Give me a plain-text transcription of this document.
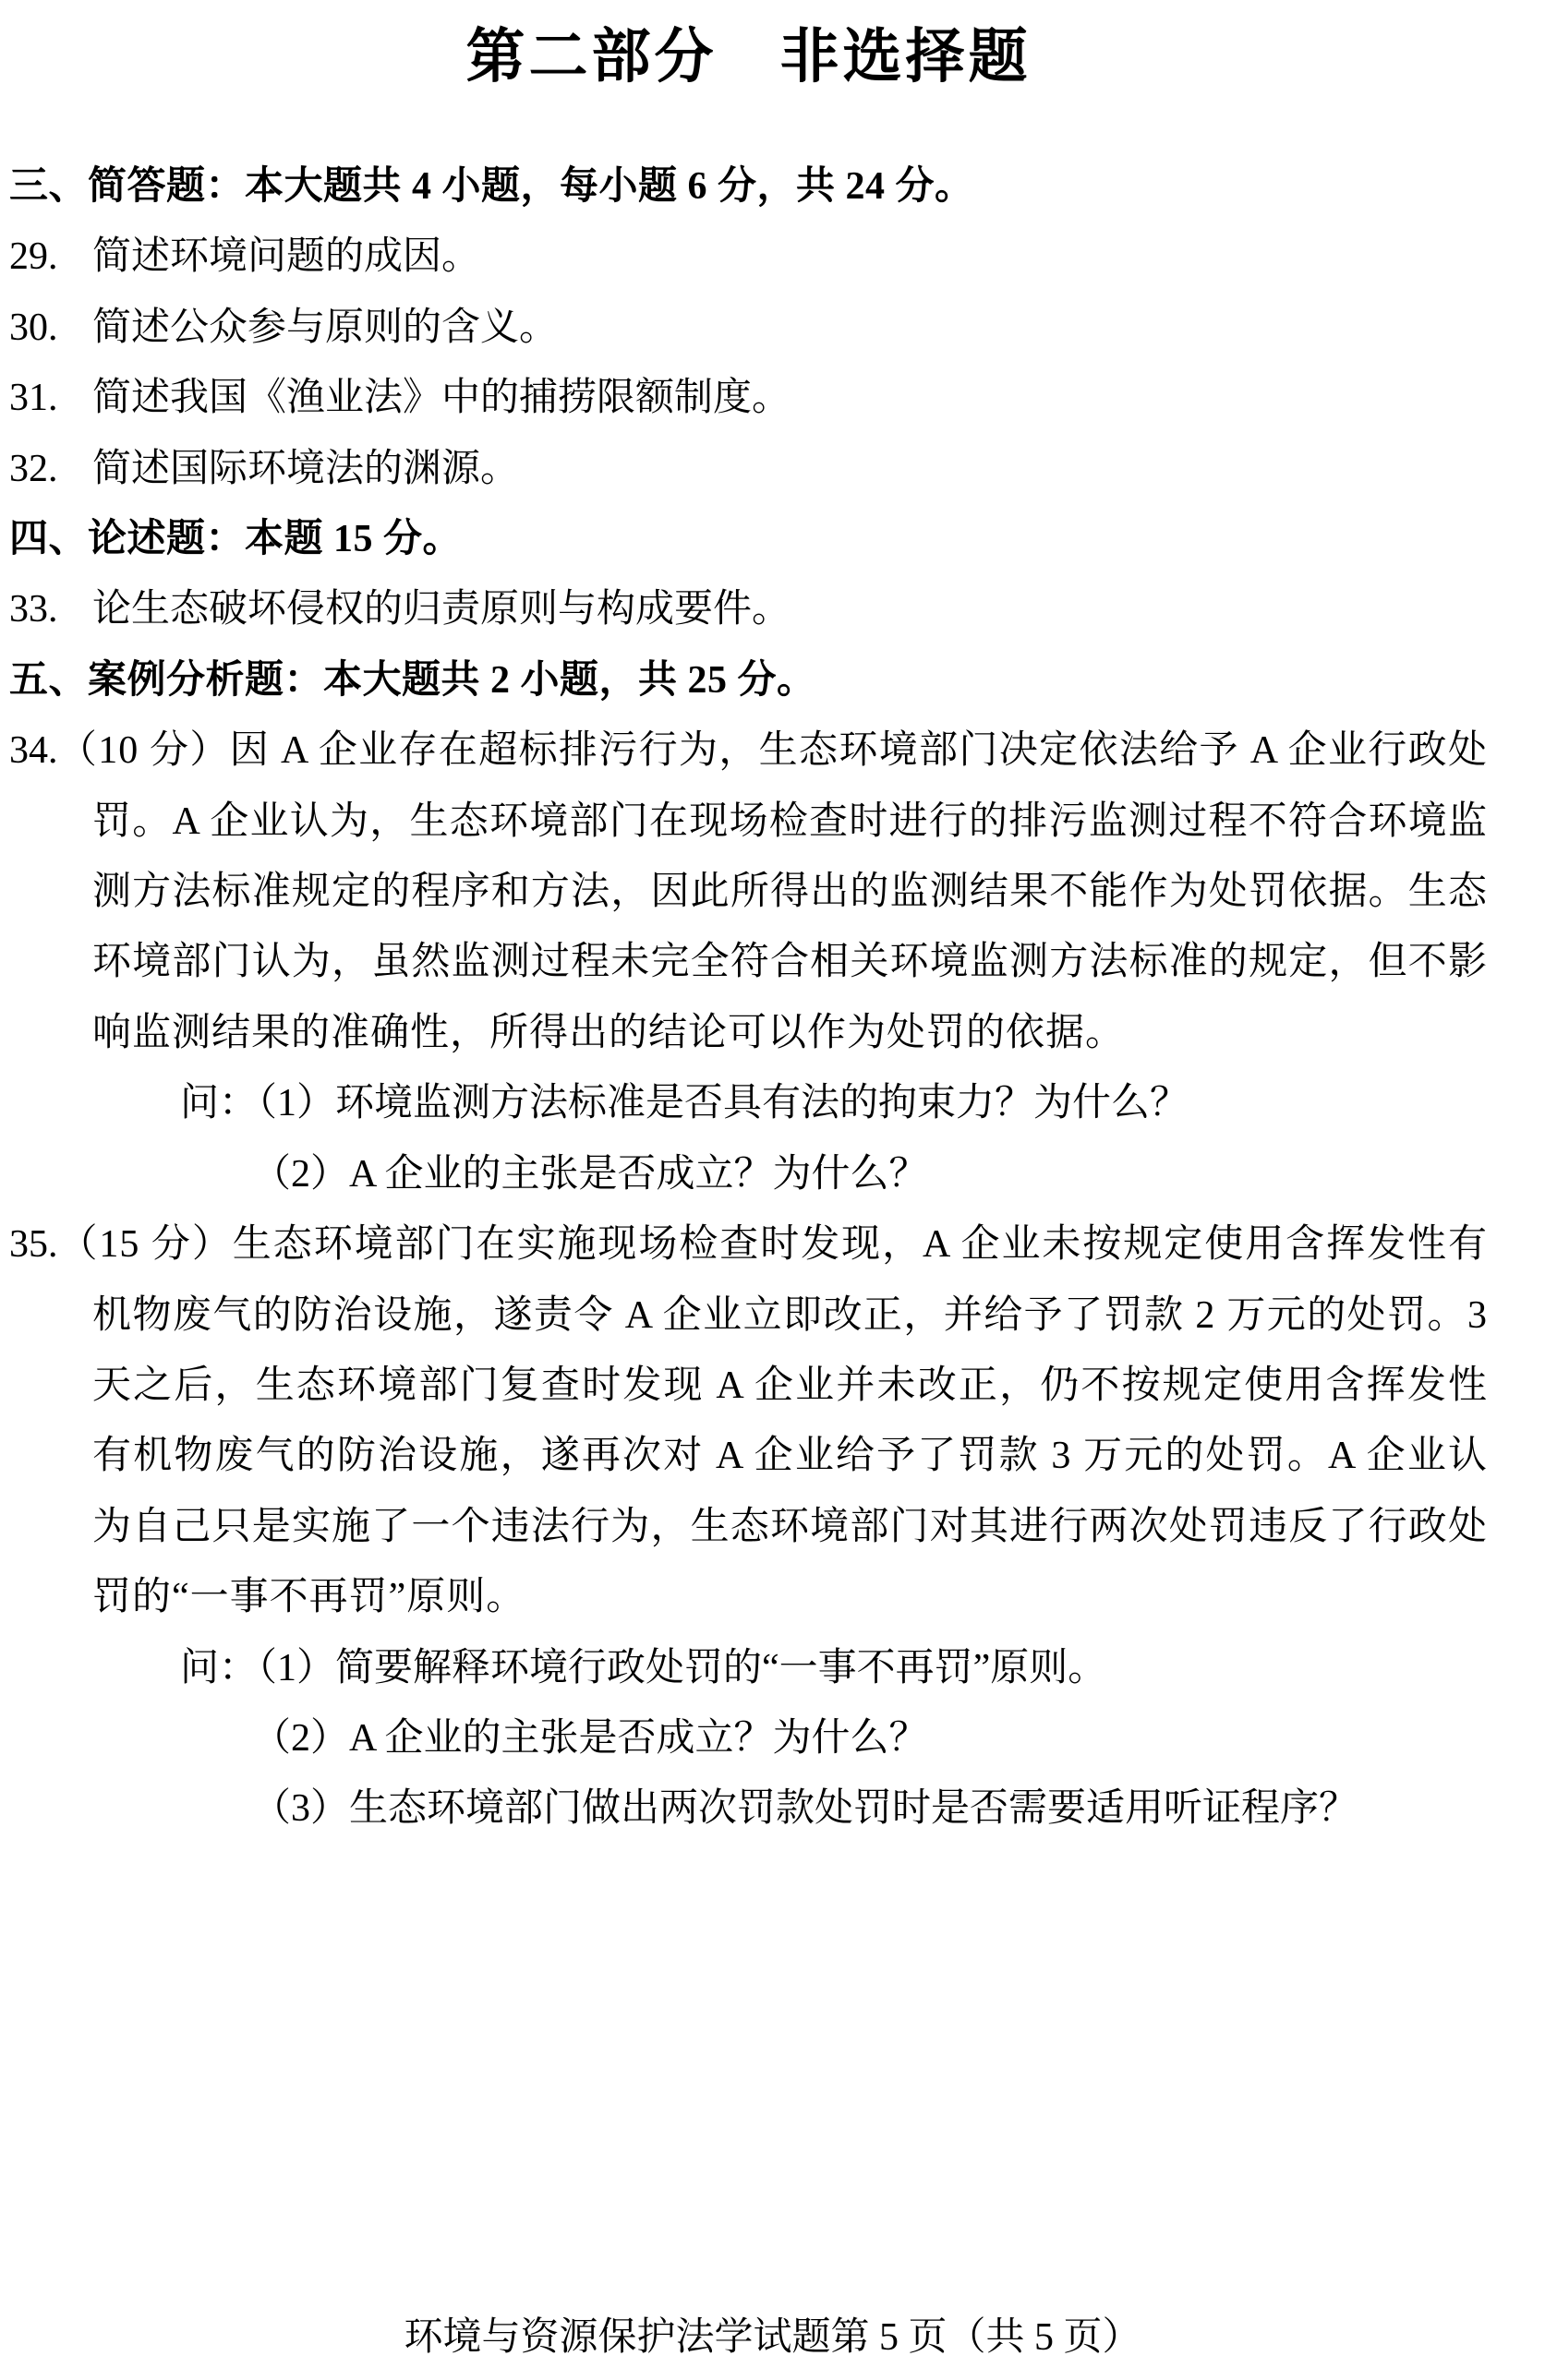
第二部分　非选择题

三、简答题：本大题共 4 小题，每小题 6 分，共 24 分。

29. 简述环境问题的成因。

30. 简述公众参与原则的含义。

31. 简述我国《渔业法》中的捕捞限额制度。

32. 简述国际环境法的渊源。

四、论述题：本题 15 分。

33. 论生态破坏侵权的归责原则与构成要件。

五、案例分析题：本大题共 2 小题，共 25 分。

34.（10 分）因 A 企业存在超标排污行为，生态环境部门决定依法给予 A 企业行政处罚。A 企业认为，生态环境部门在现场检查时进行的排污监测过程不符合环境监测方法标准规定的程序和方法，因此所得出的监测结果不能作为处罚依据。生态环境部门认为，虽然监测过程未完全符合相关环境监测方法标准的规定，但不影响监测结果的准确性，所得出的结论可以作为处罚的依据。

问：（1）环境监测方法标准是否具有法的拘束力？为什么？

（2）A 企业的主张是否成立？为什么？

35.（15 分）生态环境部门在实施现场检查时发现，A 企业未按规定使用含挥发性有机物废气的防治设施，遂责令 A 企业立即改正，并给予了罚款 2 万元的处罚。3 天之后，生态环境部门复查时发现 A 企业并未改正，仍不按规定使用含挥发性有机物废气的防治设施，遂再次对 A 企业给予了罚款 3 万元的处罚。A 企业认为自己只是实施了一个违法行为，生态环境部门对其进行两次处罚违反了行政处罚的“一事不再罚”原则。

问：（1）简要解释环境行政处罚的“一事不再罚”原则。

（2）A 企业的主张是否成立？为什么？

（3）生态环境部门做出两次罚款处罚时是否需要适用听证程序？

环境与资源保护法学试题第 5 页（共 5 页）
